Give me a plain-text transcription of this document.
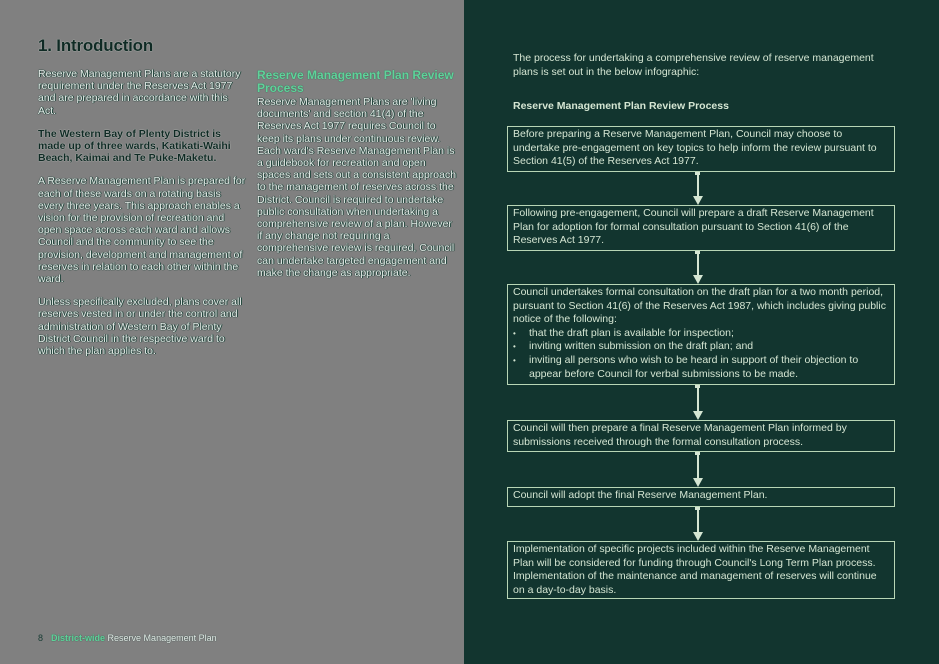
1. Introduction

Reserve Management Plans are a statutory requirement under the Reserves Act 1977 and are prepared in accordance with this Act.

The Western Bay of Plenty District is made up of three wards, Katikati-Waihi Beach, Kaimai and Te Puke-Maketu.

A Reserve Management Plan is prepared for each of these wards on a rotating basis every three years. This approach enables a vision for the provision of recreation and open space across each ward and allows Council and the community to see the provision, development and management of reserves in relation to each other within the ward.

Unless specifically excluded, plans cover all reserves vested in or under the control and administration of Western Bay of Plenty District Council in the respective ward to which the plan applies to.

Reserve Management Plan Review Process

Reserve Management Plans are 'living documents' and section 41(4) of the Reserves Act 1977 requires Council to keep its plans under continuous review. Each ward's Reserve Management Plan is a guidebook for recreation and open spaces and sets out a consistent approach to the management of reserves across the District. Council is required to undertake public consultation when undertaking a comprehensive review of a plan. However if any change not requiring a comprehensive review is required, Council can undertake targeted engagement and make the change as appropriate.

8 District-wide Reserve Management Plan
The process for undertaking a comprehensive review of reserve management plans is set out in the below infographic:
Reserve Management Plan Review Process
Before preparing a Reserve Management Plan, Council may choose to undertake pre-engagement on key topics to help inform the review pursuant to Section 41(5) of the Reserves Act 1977.
Following pre-engagement, Council will prepare a draft Reserve Management Plan for adoption for formal consultation pursuant to Section 41(6) of the Reserves Act 1977.
Council undertakes formal consultation on the draft plan for a two month period, pursuant to Section 41(6) of the Reserves Act 1987, which includes giving public notice of the following:
• that the draft plan is available for inspection;
• inviting written submission on the draft plan; and
• inviting all persons who wish to be heard in support of their objection to appear before Council for verbal submissions to be made.
Council will then prepare a final Reserve Management Plan informed by submissions received through the formal consultation process.
Council will adopt the final Reserve Management Plan.
Implementation of specific projects included within the Reserve Management Plan will be considered for funding through Council's Long Term Plan process. Implementation of the maintenance and management of reserves will continue on a day-to-day basis.
